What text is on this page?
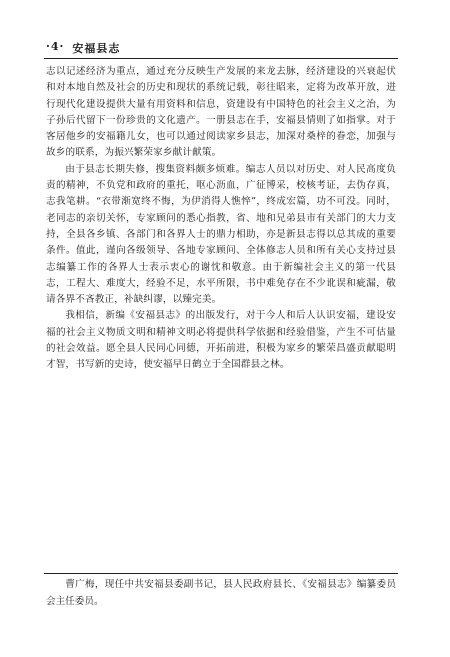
·4· 安福县志

志以记述经济为重点，通过充分反映生产发展的来龙去脉，经济建设的兴衰起伏和对本地自然及社会的历史和现状的系统记载，彰往昭来，定将为改革开放，进行现代化建设提供大量有用资料和信息，资建设有中国特色的社会主义之治，为子孙后代留下一份珍贵的文化遗产。一册县志在手，安福县情则了如指掌。对于客居他乡的安福籍儿女，也可以通过阅读家乡县志，加深对桑梓的眷恋，加强与故乡的联系，为振兴繁荣家乡献计献策。

由于县志长期失修，搜集资料颇多烦难。编志人员以对历史、对人民高度负责的精神，不负党和政府的重托，呕心沥血，广征博采，校核考证，去伪存真，志我笔耕。“衣带渐宽终不悔，为伊消得人憔悴”，终成宏篇，功不可没。同时，老同志的亲切关怀，专家顾问的悉心指教，省、地和兄弟县市有关部门的大力支持，全县各乡镇、各部门和各界人士的鼎力相助，亦是新县志得以总其成的重要条件。值此，谨向各级领导、各地专家顾问、全体修志人员和所有关心支持过县志编纂工作的各界人士表示衷心的谢忱和敬意。由于新编社会主义的第一代县志，工程大、难度大，经验不足，水平所限，书中难免存在不少讹误和疵漏，敬请各界不吝教正，补缺纠谬，以臻完美。

我相信，新编《安福县志》的出版发行，对于今人和后人认识安福，建设安福的社会主义物质文明和精神文明必将提供科学依据和经验借鉴，产生不可估量的社会效益。愿全县人民同心同德，开拓前进，积极为家乡的繁荣昌盛贡献聪明才智，书写新的史诗，使安福早日鹤立于全国群县之林。

曹广梅，现任中共安福县委副书记，县人民政府县长、《安福县志》编纂委员会主任委员。
